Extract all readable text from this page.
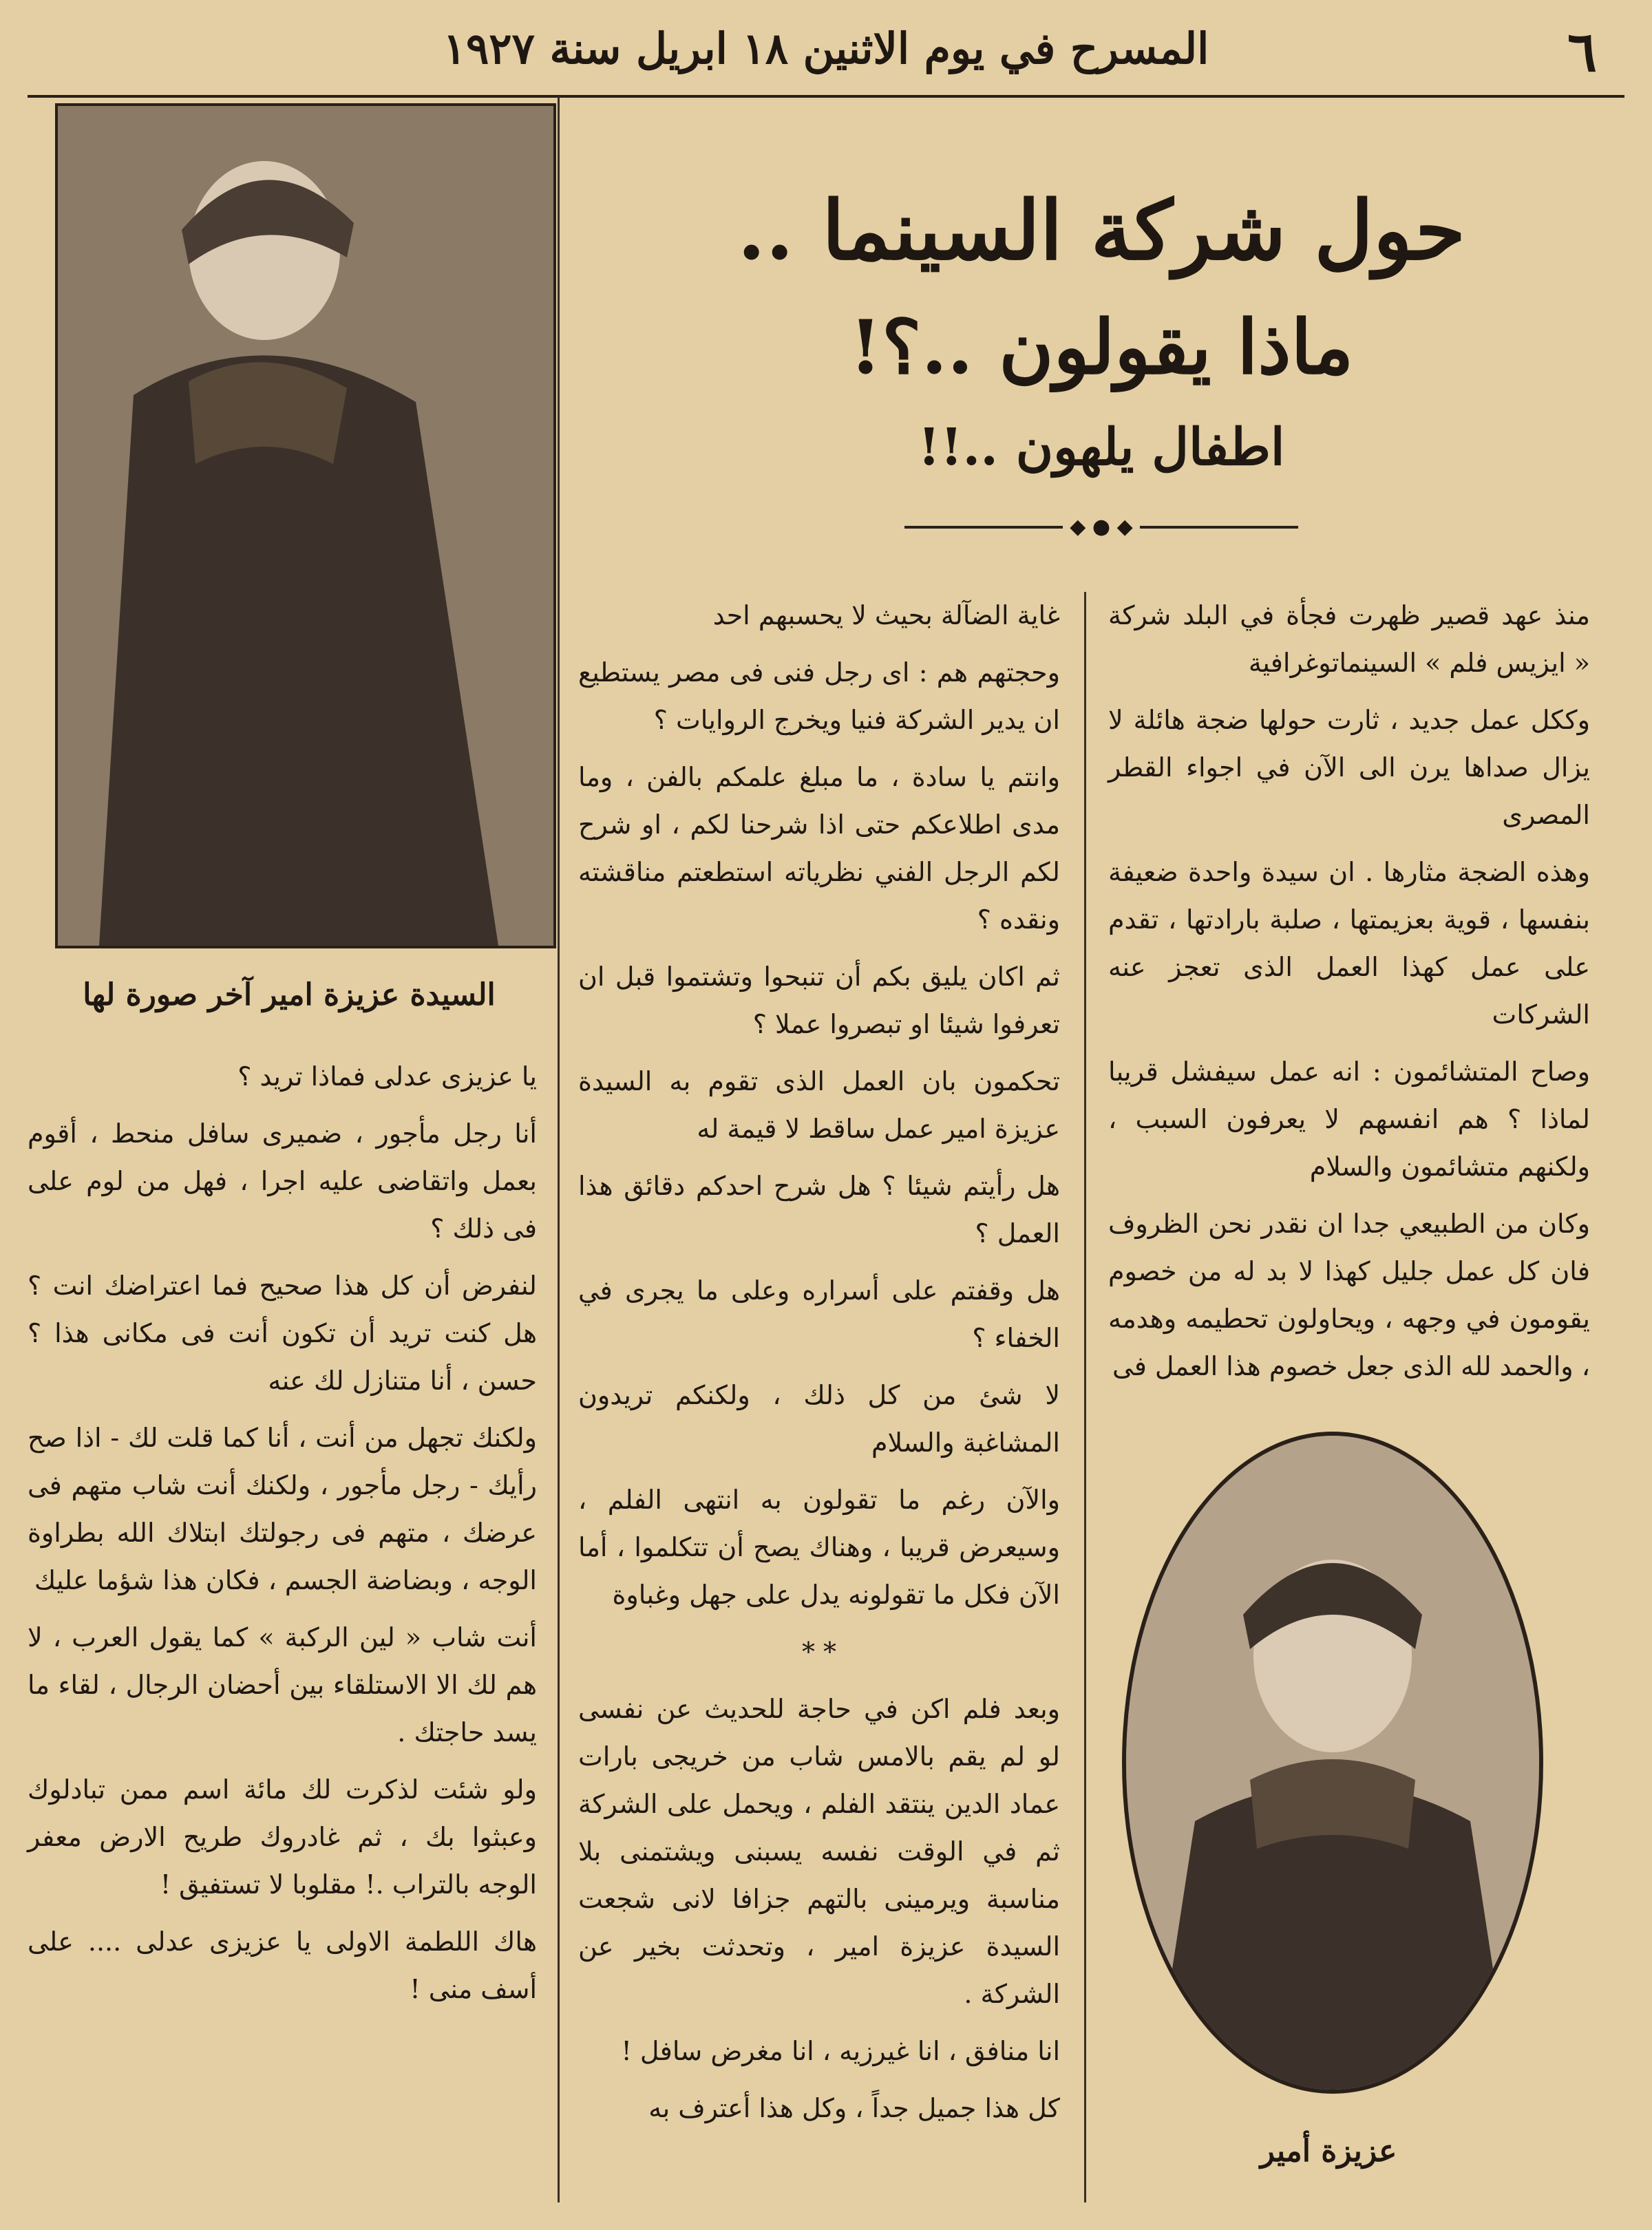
٦
المسرح في يوم الاثنين ١٨ ابريل سنة ١٩٢٧
السيدة عزيزة امير آخر صورة لها
حول شركة السينما ..
ماذا يقولون ..؟!
اطفال يلهون ..!!
◆ ● ◆

منذ عهد قصير ظهرت فجأة في البلد شركة « ايزيس فلم » السينماتوغرافية

وككل عمل جديد ، ثارت حولها ضجة هائلة لا يزال صداها يرن الى الآن في اجواء القطر المصرى

وهذه الضجة مثارها . ان سيدة واحدة ضعيفة بنفسها ، قوية بعزيمتها ، صلبة بارادتها ، تقدم على عمل كهذا العمل الذى تعجز عنه الشركات

وصاح المتشائمون : انه عمل سيفشل قريبا لماذا ؟ هم انفسهم لا يعرفون السبب ، ولكنهم متشائمون والسلام

وكان من الطبيعي جدا ان نقدر نحن الظروف فان كل عمل جليل كهذا لا بد له من خصوم يقومون في وجهه ، ويحاولون تحطيمه وهدمه ، والحمد لله الذى جعل خصوم هذا العمل فى

عزيزة أمير

غاية الضآلة بحيث لا يحسبهم احد

وحجتهم هم : اى رجل فنى فى مصر يستطيع ان يدير الشركة فنيا ويخرج الروايات ؟

وانتم يا سادة ، ما مبلغ علمكم بالفن ، وما مدى اطلاعكم حتى اذا شرحنا لكم ، او شرح لكم الرجل الفني نظرياته استطعتم مناقشته ونقده ؟

ثم اكان يليق بكم أن تنبحوا وتشتموا قبل ان تعرفوا شيئا او تبصروا عملا ؟

تحكمون بان العمل الذى تقوم به السيدة عزيزة امير عمل ساقط لا قيمة له

هل رأيتم شيئا ؟ هل شرح احدكم دقائق هذا العمل ؟

هل وقفتم على أسراره وعلى ما يجرى في الخفاء ؟

لا شئ من كل ذلك ، ولكنكم تريدون المشاغبة والسلام

والآن رغم ما تقولون به انتهى الفلم ، وسيعرض قريبا ، وهناك يصح أن تتكلموا ، أما الآن فكل ما تقولونه يدل على جهل وغباوة

* *

وبعد فلم اكن في حاجة للحديث عن نفسى لو لم يقم بالامس شاب من خريجى بارات عماد الدين ينتقد الفلم ، ويحمل على الشركة ثم في الوقت نفسه يسبنى ويشتمنى بلا مناسبة ويرمينى بالتهم جزافا لانى شجعت السيدة عزيزة امير ، وتحدثت بخير عن الشركة .

انا منافق ، انا غيرزيه ، انا مغرض سافل !

كل هذا جميل جداً ، وكل هذا أعترف به

يا عزيزى عدلى فماذا تريد ؟

أنا رجل مأجور ، ضميرى سافل منحط ، أقوم بعمل واتقاضى عليه اجرا ، فهل من لوم على فى ذلك ؟

لنفرض أن كل هذا صحيح فما اعتراضك انت ؟ هل كنت تريد أن تكون أنت فى مكانى هذا ؟ حسن ، أنا متنازل لك عنه

ولكنك تجهل من أنت ، أنا كما قلت لك - اذا صح رأيك - رجل مأجور ، ولكنك أنت شاب متهم فى عرضك ، متهم فى رجولتك ابتلاك الله بطراوة الوجه ، وبضاضة الجسم ، فكان هذا شؤما عليك

أنت شاب « لين الركبة » كما يقول العرب ، لا هم لك الا الاستلقاء بين أحضان الرجال ، لقاء ما يسد حاجتك .

ولو شئت لذكرت لك مائة اسم ممن تبادلوك وعبثوا بك ، ثم غادروك طريح الارض معفر الوجه بالتراب .! مقلوبا لا تستفيق !

هاك اللطمة الاولى يا عزيزى عدلى .... على أسف منى !
